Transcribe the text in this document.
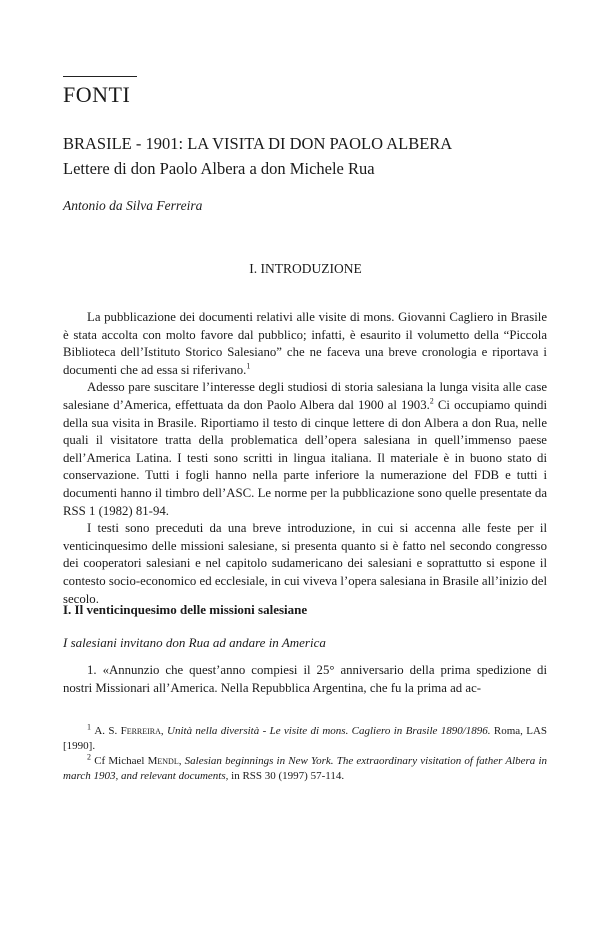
FONTI
BRASILE - 1901: LA VISITA DI DON PAOLO ALBERA
Lettere di don Paolo Albera a don Michele Rua
Antonio da Silva Ferreira
I. INTRODUZIONE

La pubblicazione dei documenti relativi alle visite di mons. Giovanni Cagliero in Brasile è stata accolta con molto favore dal pubblico; infatti, è esaurito il volumetto della “Piccola Biblioteca dell’Istituto Storico Salesiano” che ne faceva una breve cronologia e riportava i documenti che ad essa si riferivano.$^1$

Adesso pare suscitare l’interesse degli studiosi di storia salesiana la lunga visita alle case salesiane d’America, effettuata da don Paolo Albera dal 1900 al 1903.$^2$ Ci occupiamo quindi della sua visita in Brasile. Riportiamo il testo di cinque lettere di don Albera a don Rua, nelle quali il visitatore tratta della problematica dell’opera salesiana in quell’immenso paese dell’America Latina. I testi sono scritti in lingua italiana. Il materiale è in buono stato di conservazione. Tutti i fogli hanno nella parte inferiore la numerazione del FDB e tutti i documenti hanno il timbro dell’ASC. Le norme per la pubblicazione sono quelle presentate da RSS 1 (1982) 81-94.

I testi sono preceduti da una breve introduzione, in cui si accenna alle feste per il venticinquesimo delle missioni salesiane, si presenta quanto si è fatto nel secondo congresso dei cooperatori salesiani e nel capitolo sudamericano dei salesiani e soprattutto si espone il contesto socio-economico ed ecclesiale, in cui viveva l’opera salesiana in Brasile all’inizio del secolo.

I. Il venticinquesimo delle missioni salesiane
I salesiani invitano don Rua ad andare in America

1. «Annunzio che quest’anno compiesi il 25° anniversario della prima spedizione di nostri Missionari all’America. Nella Repubblica Argentina, che fu la prima ad ac-

$^1$ A. S. Ferreira, Unità nella diversità - Le visite di mons. Cagliero in Brasile 1890/1896. Roma, LAS [1990].

$^2$ Cf Michael Mendl, Salesian beginnings in New York. The extraordinary visitation of father Albera in march 1903, and relevant documents, in RSS 30 (1997) 57-114.
